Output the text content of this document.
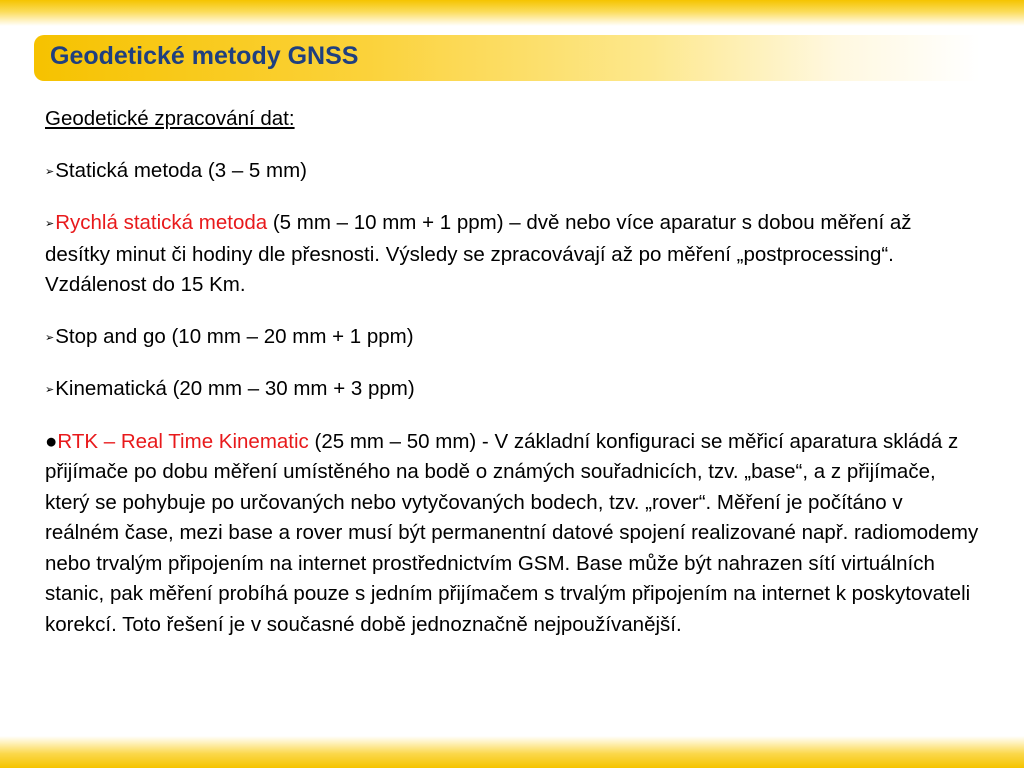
Geodetické metody GNSS

Geodetické zpracování dat:

➢Statická metoda (3 – 5 mm)

➢Rychlá statická metoda (5 mm – 10 mm + 1 ppm) – dvě nebo více aparatur s dobou měření až desítky minut či hodiny dle přesnosti. Výsledy se zpracovávají až po měření „postprocessing“. Vzdálenost do 15 Km.

➢Stop and go (10 mm – 20 mm + 1 ppm)

➢Kinematická (20 mm – 30 mm + 3 ppm)

●RTK – Real Time Kinematic (25 mm – 50 mm) - V základní konfiguraci se měřicí aparatura skládá z přijímače po dobu měření umístěného na bodě o známých souřadnicích, tzv. „base“, a z přijímače, který se pohybuje po určovaných nebo vytyčovaných bodech, tzv. „rover“. Měření je počítáno v reálném čase, mezi base a rover musí být permanentní datové spojení realizované např. radiomodemy nebo trvalým připojením na internet prostřednictvím GSM. Base může být nahrazen sítí virtuálních stanic, pak měření probíhá pouze s jedním přijímačem s trvalým připojením na internet k poskytovateli korekcí. Toto řešení je v současné době jednoznačně nejpoužívanější.
